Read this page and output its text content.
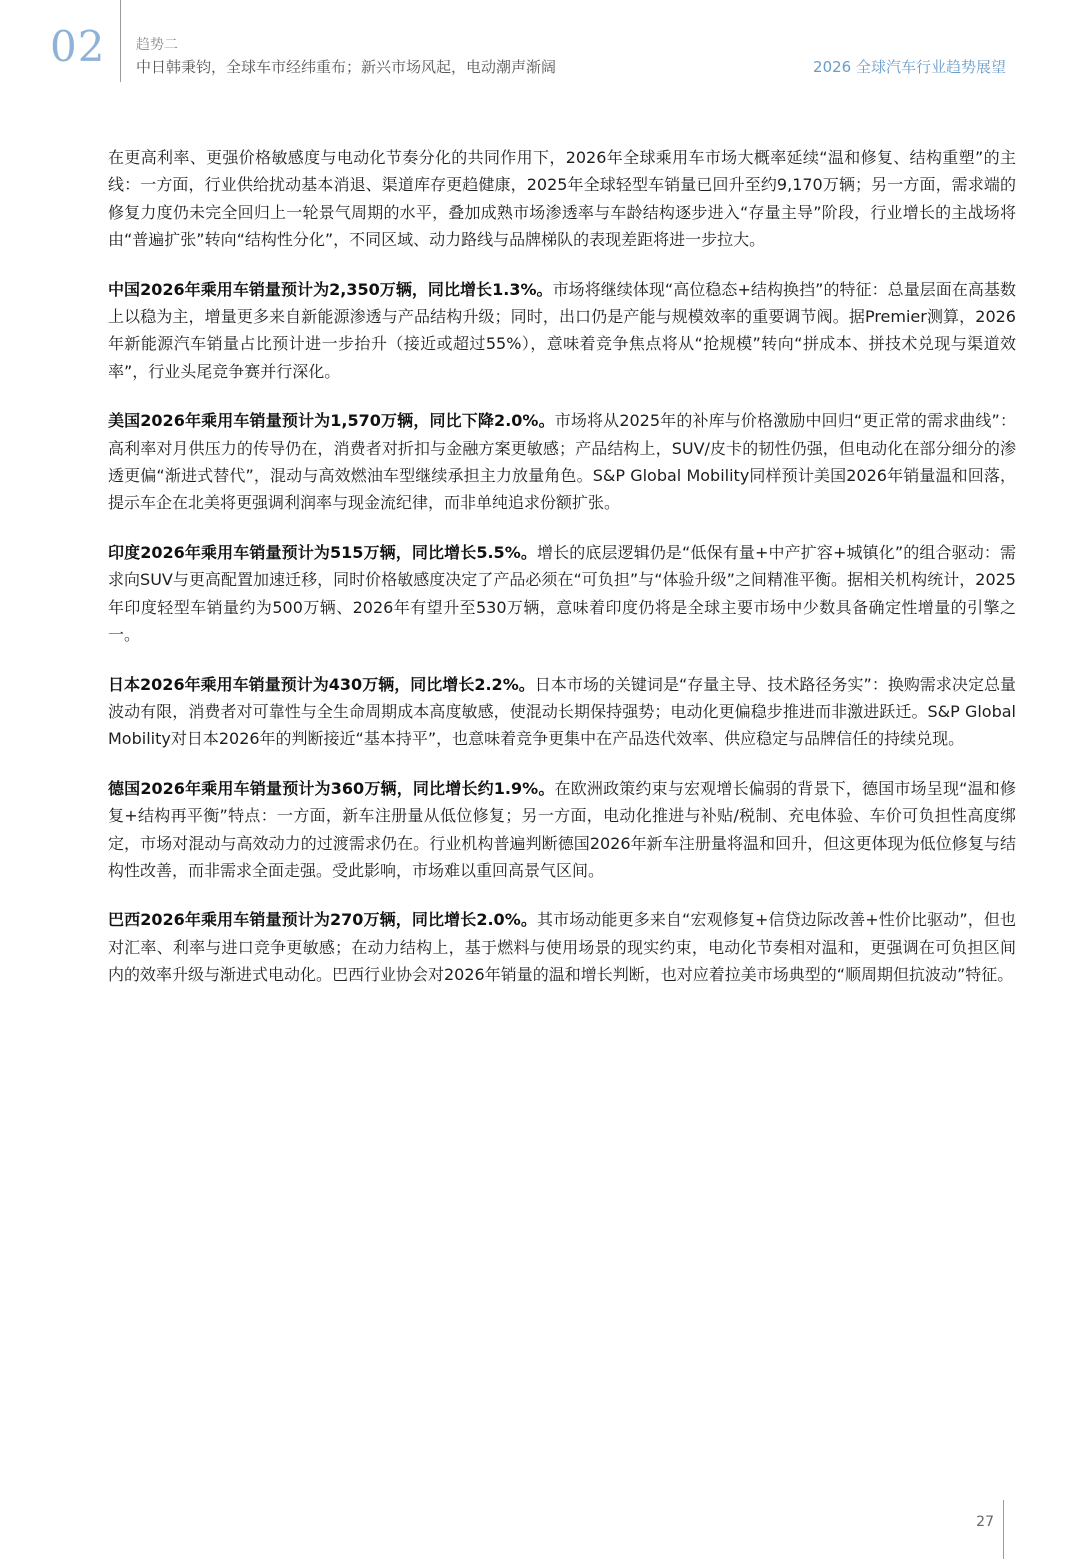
02 趋势二
中日韩秉钧，全球车市经纬重布；新兴市场风起，电动潮声渐阔	2026 全球汽车行业趋势展望

在更高利率、更强价格敏感度与电动化节奏分化的共同作用下，2026年全球乘用车市场大概率延续“温和修复、结构重塑”的主线：一方面，行业供给扰动基本消退、渠道库存更趋健康，2025年全球轻型车销量已回升至约9,170万辆；另一方面，需求端的修复力度仍未完全回归上一轮景气周期的水平，叠加成熟市场渗透率与车龄结构逐步进入“存量主导”阶段，行业增长的主战场将由“普遍扩张”转向“结构性分化”，不同区域、动力路线与品牌梯队的表现差距将进一步拉大。

中国2026年乘用车销量预计为2,350万辆，同比增长1.3%。市场将继续体现“高位稳态+结构换挡”的特征：总量层面在高基数上以稳为主，增量更多来自新能源渗透与产品结构升级；同时，出口仍是产能与规模效率的重要调节阀。据Premier测算，2026年新能源汽车销量占比预计进一步抬升（接近或超过55%），意味着竞争焦点将从“抢规模”转向“拼成本、拼技术兑现与渠道效率”，行业头尾竞争赛并行深化。

美国2026年乘用车销量预计为1,570万辆，同比下降2.0%。市场将从2025年的补库与价格激励中回归“更正常的需求曲线”：高利率对月供压力的传导仍在，消费者对折扣与金融方案更敏感；产品结构上，SUV/皮卡的韧性仍强，但电动化在部分细分的渗透更偏“渐进式替代”，混动与高效燃油车型继续承担主力放量角色。S&P Global Mobility同样预计美国2026年销量温和回落，提示车企在北美将更强调利润率与现金流纪律，而非单纯追求份额扩张。

印度2026年乘用车销量预计为515万辆，同比增长5.5%。增长的底层逻辑仍是“低保有量+中产扩容+城镇化”的组合驱动：需求向SUV与更高配置加速迁移，同时价格敏感度决定了产品必须在“可负担”与“体验升级”之间精准平衡。据相关机构统计，2025年印度轻型车销量约为500万辆、2026年有望升至530万辆，意味着印度仍将是全球主要市场中少数具备确定性增量的引擎之一。

日本2026年乘用车销量预计为430万辆，同比增长2.2%。日本市场的关键词是“存量主导、技术路径务实”：换购需求决定总量波动有限，消费者对可靠性与全生命周期成本高度敏感，使混动长期保持强势；电动化更偏稳步推进而非激进跃迁。S&P Global Mobility对日本2026年的判断接近“基本持平”，也意味着竞争更集中在产品迭代效率、供应稳定与品牌信任的持续兑现。

德国2026年乘用车销量预计为360万辆，同比增长约1.9%。在欧洲政策约束与宏观增长偏弱的背景下，德国市场呈现“温和修复+结构再平衡”特点：一方面，新车注册量从低位修复；另一方面，电动化推进与补贴/税制、充电体验、车价可负担性高度绑定，市场对混动与高效动力的过渡需求仍在。行业机构普遍判断德国2026年新车注册量将温和回升，但这更体现为低位修复与结构性改善，而非需求全面走强。受此影响，市场难以重回高景气区间。

巴西2026年乘用车销量预计为270万辆，同比增长2.0%。其市场动能更多来自“宏观修复+信贷边际改善+性价比驱动”，但也对汇率、利率与进口竞争更敏感；在动力结构上，基于燃料与使用场景的现实约束，电动化节奏相对温和，更强调在可负担区间内的效率升级与渐进式电动化。巴西行业协会对2026年销量的温和增长判断，也对应着拉美市场典型的“顺周期但抗波动”特征。

27
